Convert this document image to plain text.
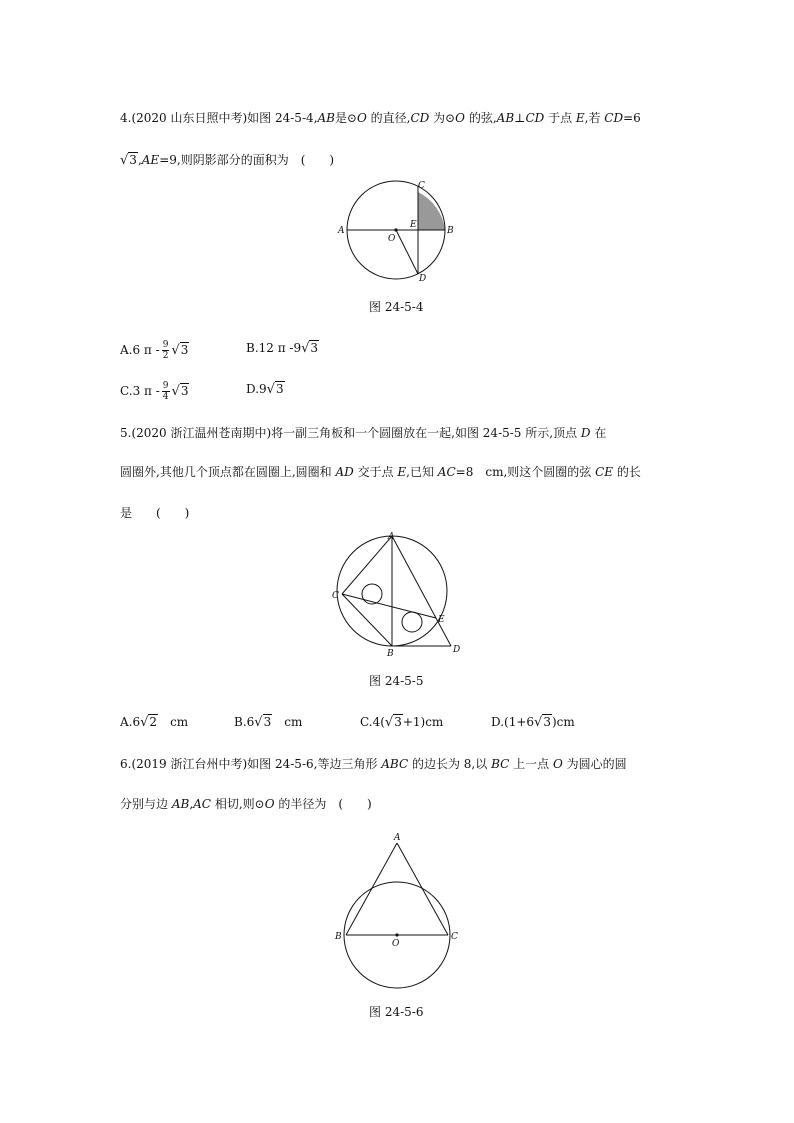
4.(2020 山东日照中考)如图 24-5-4,AB是⊙O 的直径,CD 为⊙O 的弦,AB⊥CD 于点 E,若 CD=6
√3,AE=9,则阴影部分的面积为　(　　)
A	B
C
D
E
O
图 24-5-4
A.6 π - $\frac{9}{2} √3$	B.12 π -9√3
C.3 π - $\frac{9}{4} √3$	D.9√3
5.(2020 浙江温州苍南期中)将一副三角板和一个圆圈放在一起,如图 24-5-5 所示,顶点 D 在
圆圈外,其他几个顶点都在圆圈上,圆圈和 AD 交于点 E,已知 AC=8　cm,则这个圆圈的弦 CE 的长
是　　(　　)
A
B
C
D
E
图 24-5-5
A.6√2　cm	B.6√3　cm	C.4(√3+1)cm	D.(1+6√3)cm
6.(2019 浙江台州中考)如图 24-5-6,等边三角形 ABC 的边长为 8,以 BC 上一点 O 为圆心的圆
分别与边 AB,AC 相切,则⊙O 的半径为　(　　)
A
B	C
O
图 24-5-6
